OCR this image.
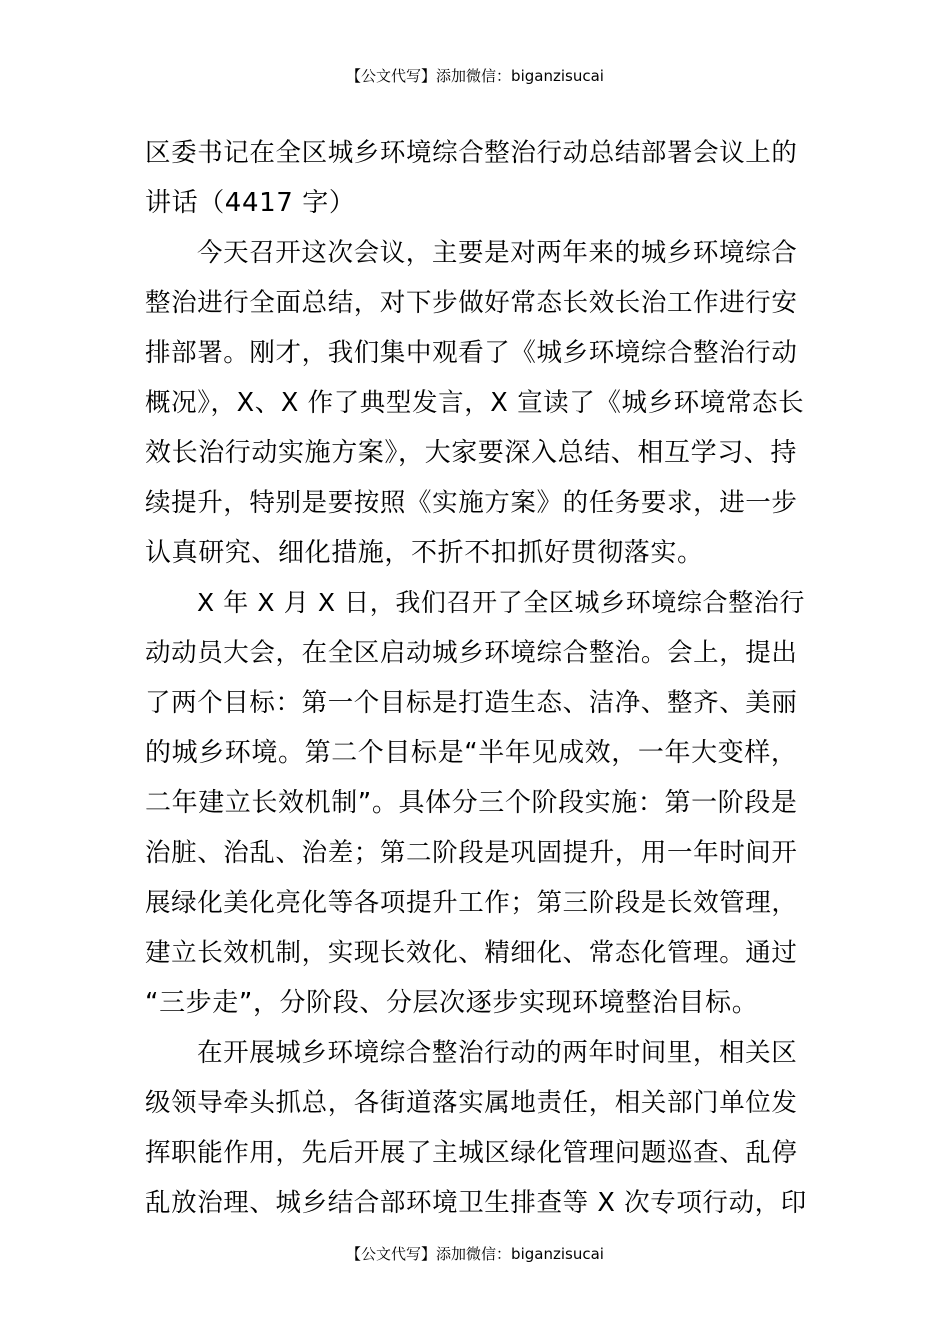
【公文代写】添加微信：biganzisucai
区委书记在全区城乡环境综合整治行动总结部署会议上的
讲话（4417 字）
今天召开这次会议，主要是对两年来的城乡环境综合
整治进行全面总结，对下步做好常态长效长治工作进行安
排部署。刚才，我们集中观看了《城乡环境综合整治行动
概况》，X、X 作了典型发言，X 宣读了《城乡环境常态长
效长治行动实施方案》，大家要深入总结、相互学习、持
续提升，特别是要按照《实施方案》的任务要求，进一步
认真研究、细化措施，不折不扣抓好贯彻落实。
X 年 X 月 X 日，我们召开了全区城乡环境综合整治行
动动员大会，在全区启动城乡环境综合整治。会上，提出
了两个目标：第一个目标是打造生态、洁净、整齐、美丽
的城乡环境。第二个目标是“半年见成效，一年大变样，
二年建立长效机制”。具体分三个阶段实施：第一阶段是
治脏、治乱、治差；第二阶段是巩固提升，用一年时间开
展绿化美化亮化等各项提升工作；第三阶段是长效管理，
建立长效机制，实现长效化、精细化、常态化管理。通过
“三步走”，分阶段、分层次逐步实现环境整治目标。
在开展城乡环境综合整治行动的两年时间里，相关区
级领导牵头抓总，各街道落实属地责任，相关部门单位发
挥职能作用，先后开展了主城区绿化管理问题巡查、乱停
乱放治理、城乡结合部环境卫生排查等 X 次专项行动，印
【公文代写】添加微信：biganzisucai
